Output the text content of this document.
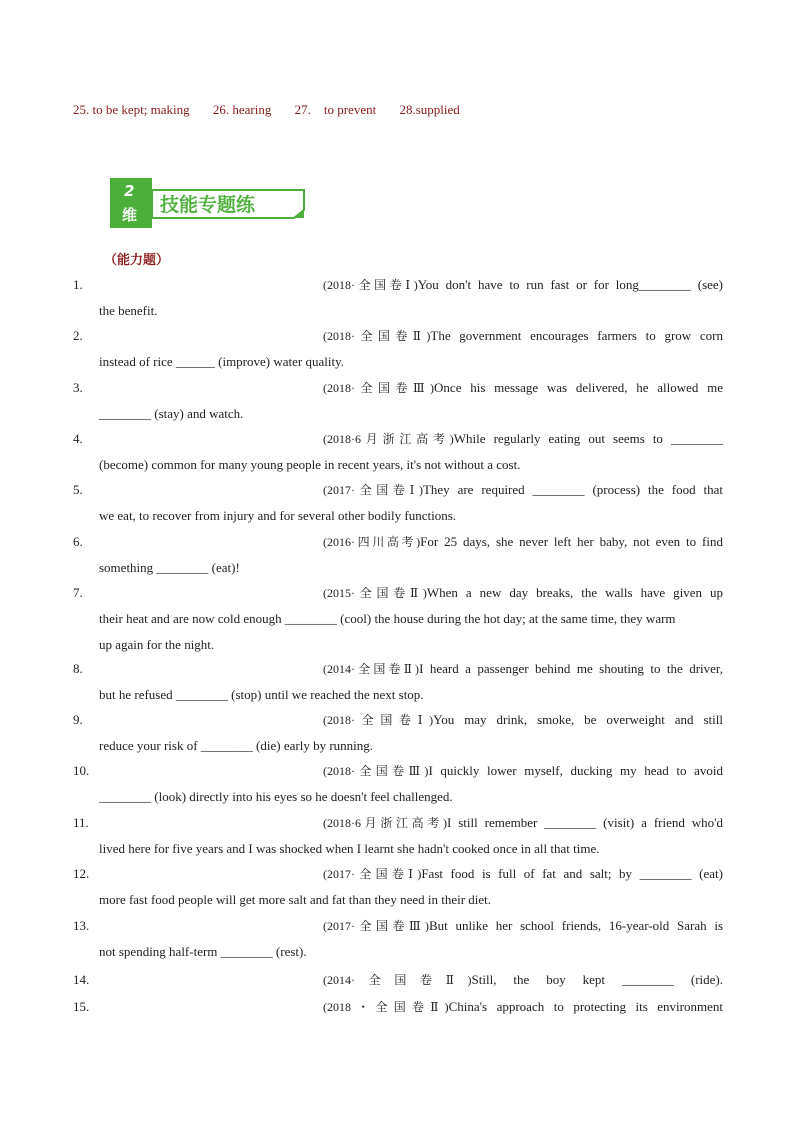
25. to be kept; making 26. hearing 27.    to prevent 28.supplied
2
维 技能专题练
（能力题）
1.	(2018·全国卷Ⅰ)You don't have to run fast or for long________ (see)
the benefit.
2.	(2018·全国卷Ⅱ)The government encourages farmers to grow corn
instead of rice ______ (improve) water quality.
3.	(2018·全国卷Ⅲ)Once his message was delivered, he allowed me
________ (stay) and watch.
4.	(2018·6月浙江高考)While regularly eating out seems to ________
(become) common for many young people in recent years, it's not without a cost.
5.	(2017·全国卷Ⅰ)They are required ________ (process) the food that
we eat, to recover from injury and for several other bodily functions.
6.	(2016·四川高考)For 25 days, she never left her baby, not even to find
something ________ (eat)!
7.	(2015·全国卷Ⅱ)When a new day breaks, the walls have given up
their heat and are now cold enough ________ (cool) the house during the hot day; at the same time, they warm
up again for the night.
8.	(2014·全国卷Ⅱ)I heard a passenger behind me shouting to the driver,
but he refused ________ (stop) until we reached the next stop.
9.	(2018·全国卷Ⅰ)You may drink, smoke, be overweight and still
reduce your risk of ________ (die) early by running.
10.	(2018·全国卷Ⅲ)I quickly lower myself, ducking my head to avoid
________ (look) directly into his eyes so he doesn't feel challenged.
11.	(2018·6月浙江高考)I still remember ________ (visit) a friend who'd
lived here for five years and I was shocked when I learnt she hadn't cooked once in all that time.
12.	(2017·全国卷Ⅰ)Fast food is full of fat and salt; by ________ (eat)
more fast food people will get more salt and fat than they need in their diet.
13.	(2017·全国卷Ⅲ)But unlike her school friends, 16-year-old Sarah is
not spending half-term ________ (rest).
14.	(2014·全国卷Ⅱ)Still, the boy kept ________ (ride).
15.	(2018・全国卷Ⅱ)China's approach to protecting its environment
